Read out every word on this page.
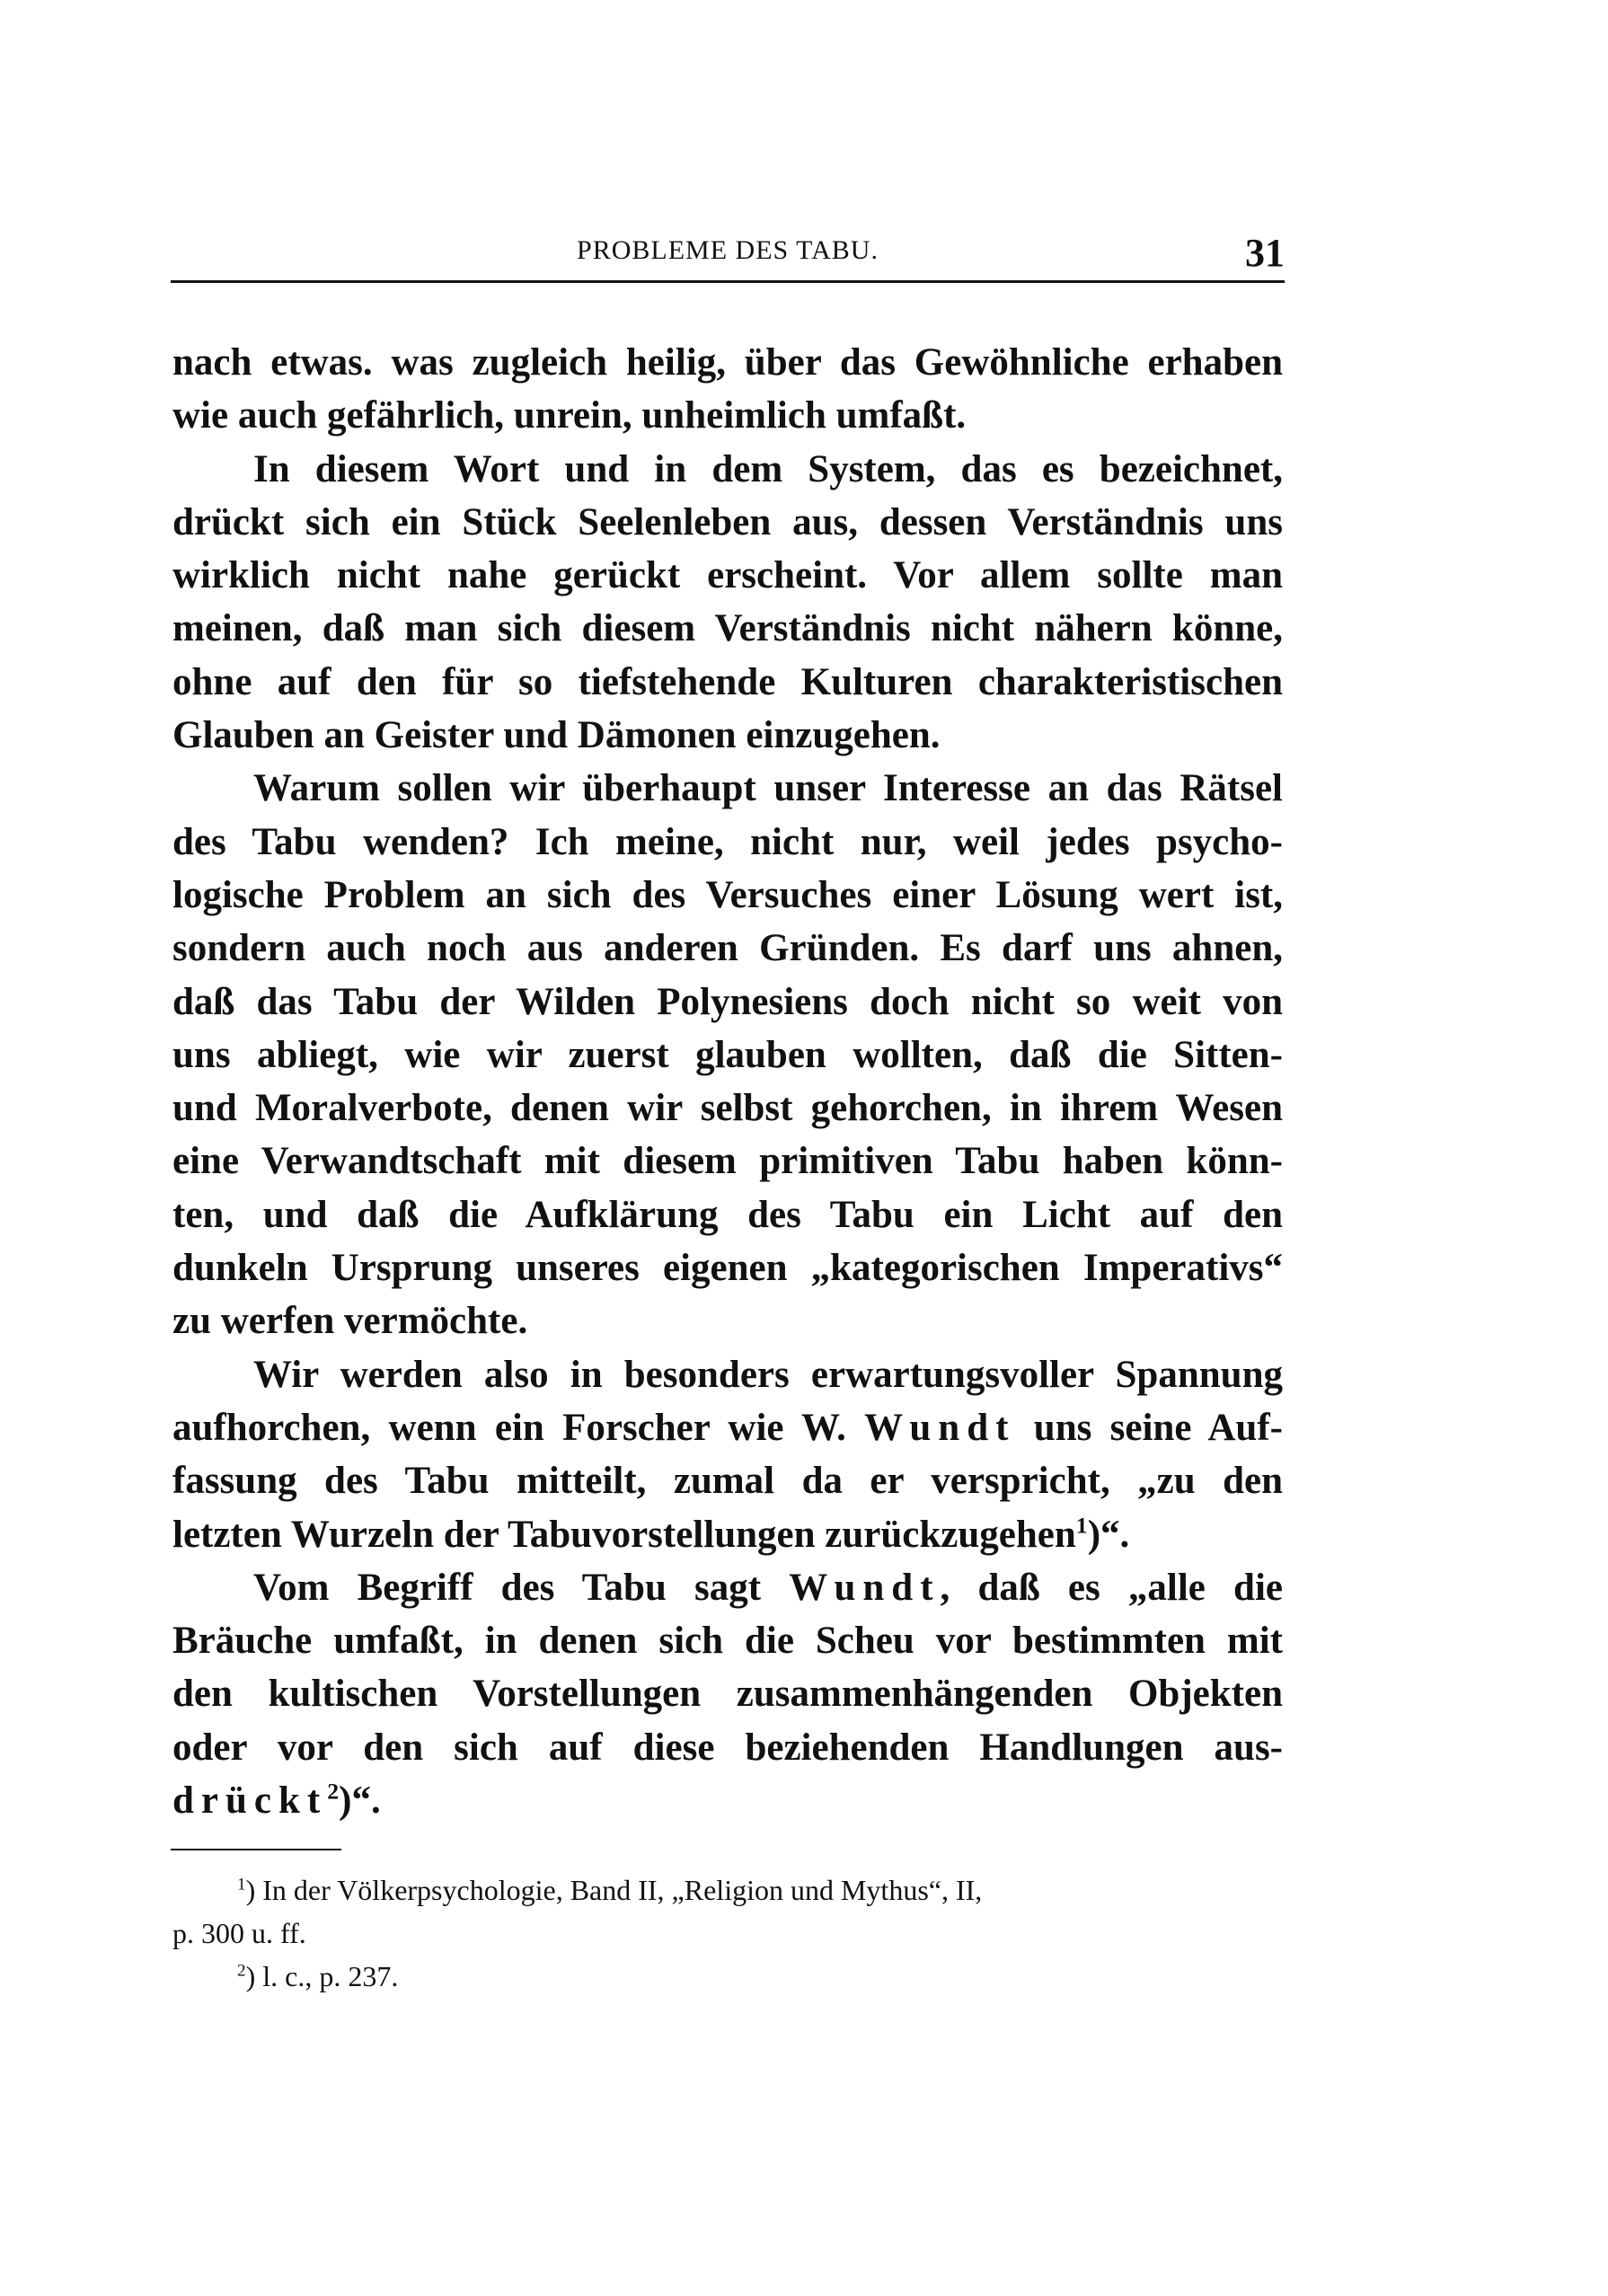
PROBLEME DES TABU.	31
nach etwas. was zugleich heilig, über das Gewöhnliche erhaben
wie auch gefährlich, unrein, unheimlich umfaßt.
In diesem Wort und in dem System, das es bezeichnet,
drückt sich ein Stück Seelenleben aus, dessen Verständnis uns
wirklich nicht nahe gerückt erscheint. Vor allem sollte man
meinen, daß man sich diesem Verständnis nicht nähern könne,
ohne auf den für so tiefstehende Kulturen charakteristischen
Glauben an Geister und Dämonen einzugehen.
Warum sollen wir überhaupt unser Interesse an das Rätsel
des Tabu wenden? Ich meine, nicht nur, weil jedes psycho-
logische Problem an sich des Versuches einer Lösung wert ist,
sondern auch noch aus anderen Gründen. Es darf uns ahnen,
daß das Tabu der Wilden Polynesiens doch nicht so weit von
uns abliegt, wie wir zuerst glauben wollten, daß die Sitten-
und Moralverbote, denen wir selbst gehorchen, in ihrem Wesen
eine Verwandtschaft mit diesem primitiven Tabu haben könn-
ten, und daß die Aufklärung des Tabu ein Licht auf den
dunkeln Ursprung unseres eigenen „kategorischen Imperativs“
zu werfen vermöchte.
Wir werden also in besonders erwartungsvoller Spannung
aufhorchen, wenn ein Forscher wie W. Wundt uns seine Auf-
fassung des Tabu mitteilt, zumal da er verspricht, „zu den
letzten Wurzeln der Tabuvorstellungen zurückzugehen$^1$)“.
Vom Begriff des Tabu sagt Wundt, daß es „alle die
Bräuche umfaßt, in denen sich die Scheu vor bestimmten mit
den kultischen Vorstellungen zusammenhängenden Objekten
oder vor den sich auf diese beziehenden Handlungen aus-
drückt$^2$)“.
$^1$) In der Völkerpsychologie, Band II, „Religion und Mythus“, II,
p. 300 u. ff.
$^2$) l. c., p. 237.
